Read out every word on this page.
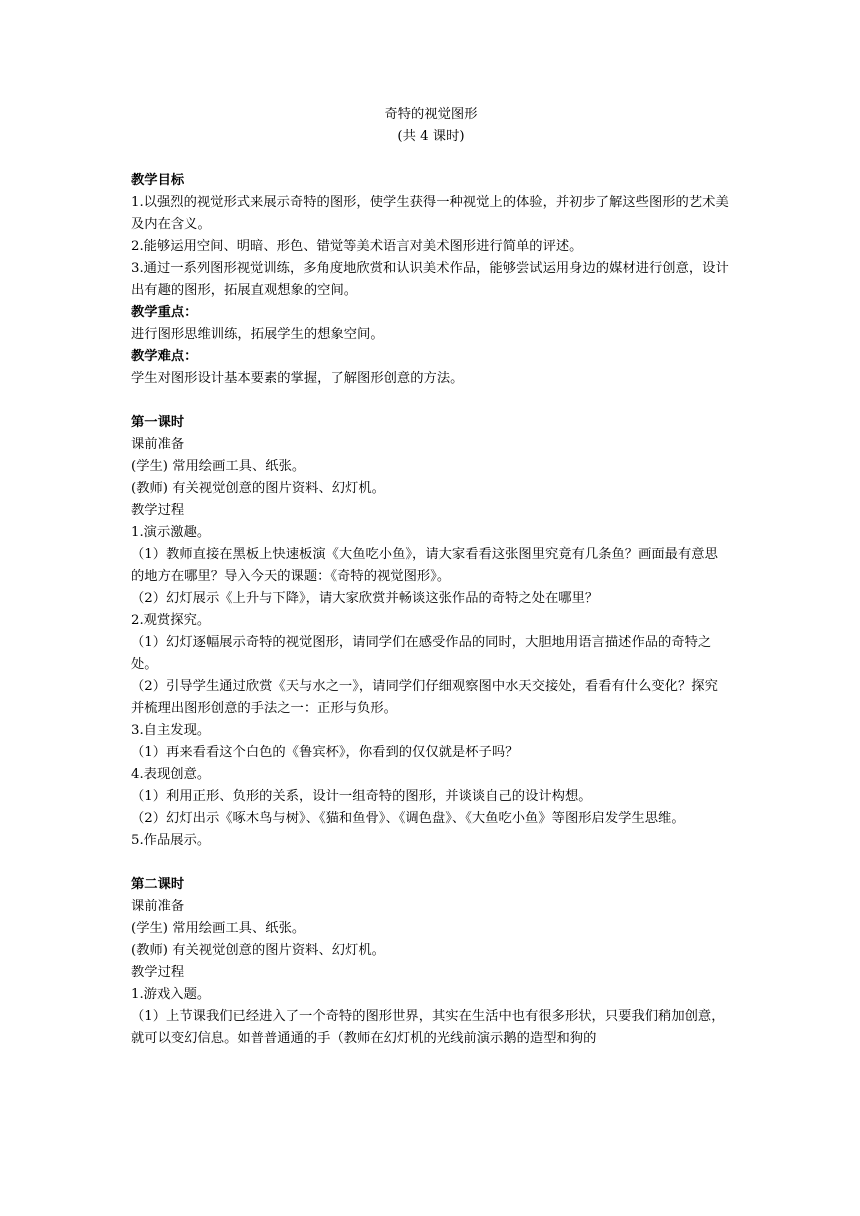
奇特的视觉图形

(共 4 课时)

教学目标

1.以强烈的视觉形式来展示奇特的图形，使学生获得一种视觉上的体验，并初步了解这些图形的艺术美及内在含义。

2.能够运用空间、明暗、形色、错觉等美术语言对美术图形进行简单的评述。

3.通过一系列图形视觉训练，多角度地欣赏和认识美术作品，能够尝试运用身边的媒材进行创意，设计出有趣的图形，拓展直观想象的空间。

教学重点：

进行图形思维训练，拓展学生的想象空间。

教学难点：

学生对图形设计基本要素的掌握，了解图形创意的方法。

第一课时

课前准备

(学生) 常用绘画工具、纸张。

(教师) 有关视觉创意的图片资料、幻灯机。

教学过程

1.演示激趣。

（1）教师直接在黑板上快速板演《大鱼吃小鱼》，请大家看看这张图里究竟有几条鱼？画面最有意思的地方在哪里？导入今天的课题：《奇特的视觉图形》。

（2）幻灯展示《上升与下降》，请大家欣赏并畅谈这张作品的奇特之处在哪里？

2.观赏探究。

（1）幻灯逐幅展示奇特的视觉图形，请同学们在感受作品的同时，大胆地用语言描述作品的奇特之处。

（2）引导学生通过欣赏《天与水之一》，请同学们仔细观察图中水天交接处，看看有什么变化？探究并梳理出图形创意的手法之一：正形与负形。

3.自主发现。

（1）再来看看这个白色的《鲁宾杯》，你看到的仅仅就是杯子吗？

4.表现创意。

（1）利用正形、负形的关系，设计一组奇特的图形，并谈谈自己的设计构想。

（2）幻灯出示《啄木鸟与树》、《猫和鱼骨》、《调色盘》、《大鱼吃小鱼》等图形启发学生思维。

5.作品展示。

第二课时

课前准备

(学生) 常用绘画工具、纸张。

(教师) 有关视觉创意的图片资料、幻灯机。

教学过程

1.游戏入题。

（1）上节课我们已经进入了一个奇特的图形世界，其实在生活中也有很多形状，只要我们稍加创意，就可以变幻信息。如普普通通的手（教师在幻灯机的光线前演示鹅的造型和狗的
